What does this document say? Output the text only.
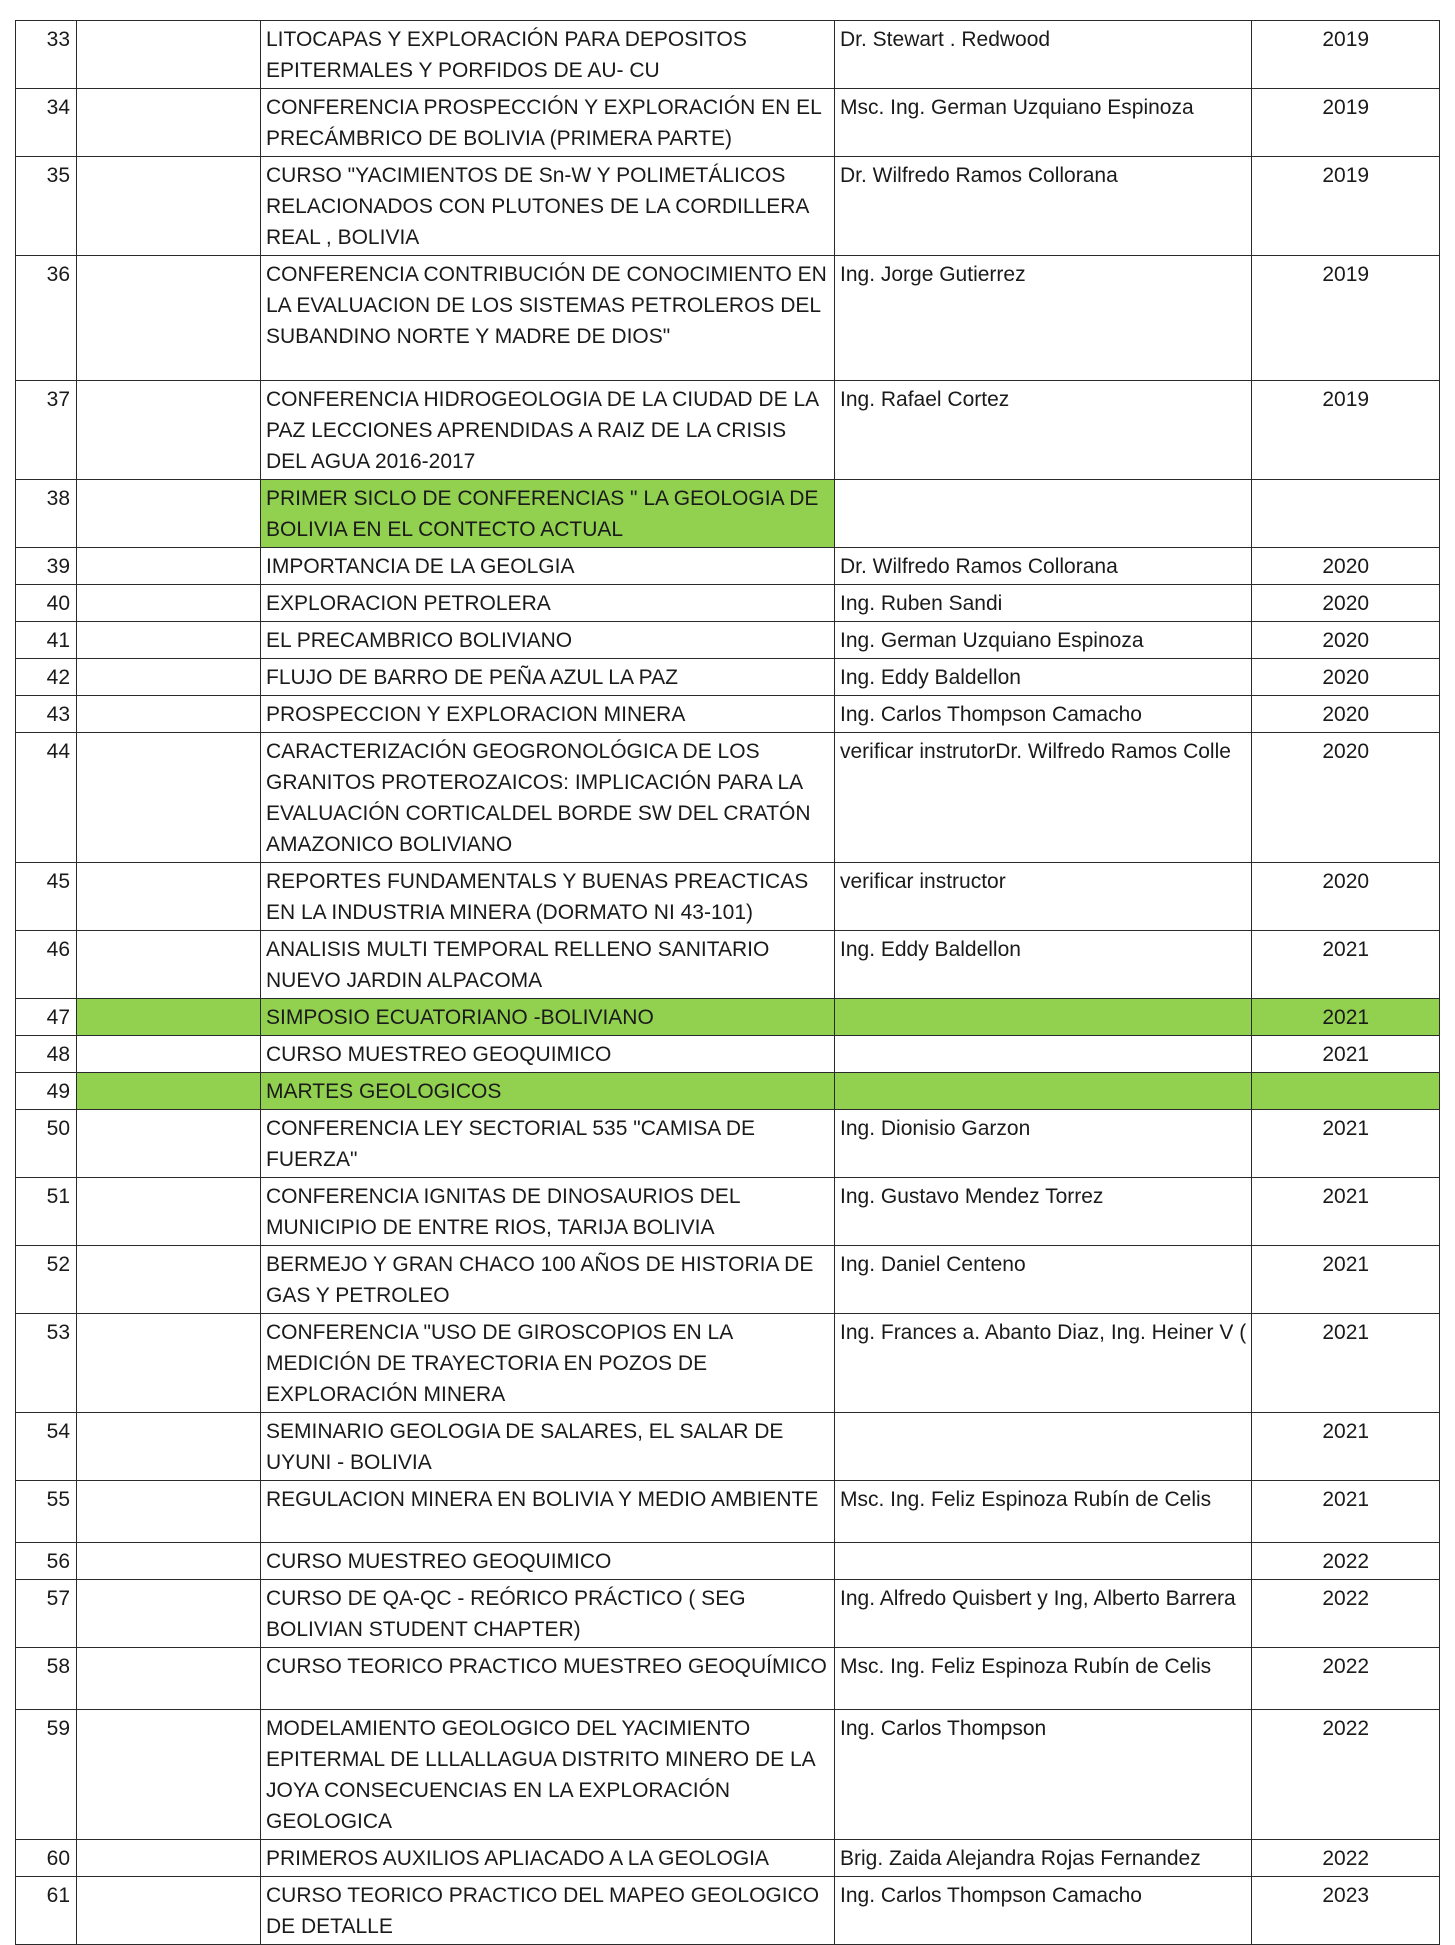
33		LITOCAPAS Y EXPLORACIÓN PARA DEPOSITOS EPITERMALES Y PORFIDOS DE AU- CU	Dr. Stewart . Redwood	2019
34		CONFERENCIA PROSPECCIÓN Y EXPLORACIÓN EN EL PRECÁMBRICO DE BOLIVIA (PRIMERA PARTE)	Msc. Ing. German Uzquiano Espinoza	2019
35		CURSO "YACIMIENTOS DE Sn-W Y POLIMETÁLICOS RELACIONADOS CON PLUTONES DE LA CORDILLERA REAL , BOLIVIA	Dr. Wilfredo Ramos Collorana	2019
36		CONFERENCIA CONTRIBUCIÓN DE CONOCIMIENTO EN LA EVALUACION DE LOS SISTEMAS PETROLEROS DEL SUBANDINO NORTE Y MADRE DE DIOS"	Ing. Jorge Gutierrez	2019
37		CONFERENCIA HIDROGEOLOGIA DE LA CIUDAD DE LA PAZ LECCIONES APRENDIDAS A RAIZ DE LA CRISIS DEL AGUA 2016-2017	Ing. Rafael Cortez	2019
38		PRIMER SICLO DE CONFERENCIAS " LA GEOLOGIA DE BOLIVIA EN EL CONTECTO ACTUAL		
39		IMPORTANCIA DE LA GEOLGIA	Dr. Wilfredo Ramos Collorana	2020
40		EXPLORACION PETROLERA	Ing. Ruben Sandi	2020
41		EL PRECAMBRICO BOLIVIANO	Ing. German Uzquiano Espinoza	2020
42		FLUJO DE BARRO DE PEÑA AZUL LA PAZ	Ing. Eddy Baldellon	2020
43		PROSPECCION Y EXPLORACION MINERA	Ing. Carlos Thompson Camacho	2020
44		CARACTERIZACIÓN GEOGRONOLÓGICA DE LOS GRANITOS PROTEROZAICOS: IMPLICACIÓN PARA LA EVALUACIÓN CORTICALDEL BORDE SW DEL CRATÓN AMAZONICO BOLIVIANO	verificar instrutorDr. Wilfredo Ramos Colle	2020
45		REPORTES FUNDAMENTALS Y BUENAS PREACTICAS EN LA INDUSTRIA MINERA (DORMATO NI 43-101)	verificar instructor	2020
46		ANALISIS MULTI TEMPORAL RELLENO SANITARIO NUEVO JARDIN ALPACOMA	Ing. Eddy Baldellon	2021
47		SIMPOSIO ECUATORIANO -BOLIVIANO		2021
48		CURSO MUESTREO GEOQUIMICO		2021
49		MARTES GEOLOGICOS		
50		CONFERENCIA LEY SECTORIAL 535 "CAMISA DE FUERZA"	Ing. Dionisio Garzon	2021
51		CONFERENCIA IGNITAS DE DINOSAURIOS DEL MUNICIPIO DE ENTRE RIOS, TARIJA BOLIVIA	Ing. Gustavo Mendez Torrez	2021
52		BERMEJO Y GRAN CHACO 100 AÑOS DE HISTORIA DE GAS Y PETROLEO	Ing. Daniel Centeno	2021
53		CONFERENCIA "USO DE GIROSCOPIOS EN LA MEDICIÓN DE TRAYECTORIA EN POZOS DE EXPLORACIÓN MINERA	Ing. Frances a. Abanto Diaz, Ing. Heiner V (	2021
54		SEMINARIO GEOLOGIA DE SALARES, EL SALAR DE UYUNI - BOLIVIA		2021
55		REGULACION MINERA EN BOLIVIA Y MEDIO AMBIENTE	Msc. Ing. Feliz Espinoza Rubín de Celis	2021
56		CURSO MUESTREO GEOQUIMICO		2022
57		CURSO DE QA-QC - REÓRICO PRÁCTICO ( SEG BOLIVIAN STUDENT CHAPTER)	Ing. Alfredo Quisbert y Ing, Alberto Barrera	2022
58		CURSO TEORICO PRACTICO MUESTREO GEOQUÍMICO	Msc. Ing. Feliz Espinoza Rubín de Celis	2022
59		MODELAMIENTO GEOLOGICO DEL YACIMIENTO EPITERMAL DE LLLALLAGUA DISTRITO MINERO DE LA JOYA CONSECUENCIAS EN LA EXPLORACIÓN GEOLOGICA	Ing. Carlos Thompson	2022
60		PRIMEROS AUXILIOS APLIACADO A LA GEOLOGIA	Brig. Zaida Alejandra Rojas Fernandez	2022
61		CURSO TEORICO PRACTICO DEL MAPEO GEOLOGICO DE DETALLE	Ing. Carlos Thompson Camacho	2023
